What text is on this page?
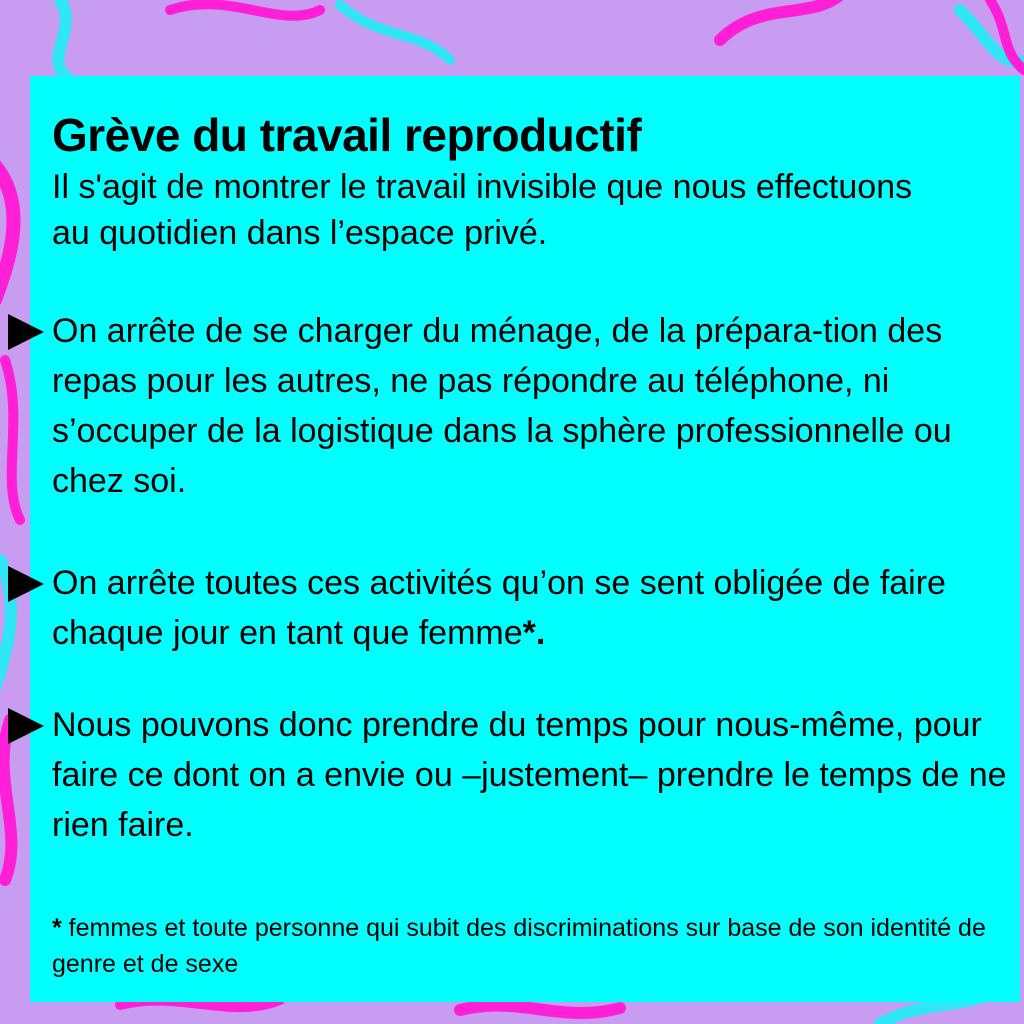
Grève du travail reproductif
Il s'agit de montrer le travail invisible que nous effectuons au quotidien dans l’espace privé.
On arrête de se charger du ménage, de la prépara-tion des repas pour les autres, ne pas répondre au téléphone, ni s’occuper de la logistique dans la sphère professionnelle ou chez soi.
On arrête toutes ces activités qu’on se sent obligée de faire chaque jour en tant que femme*.
Nous pouvons donc prendre du temps pour nous-même, pour faire ce dont on a envie ou –justement– prendre le temps de ne rien faire.
* femmes et toute personne qui subit des discriminations sur base de son identité de genre et de sexe
